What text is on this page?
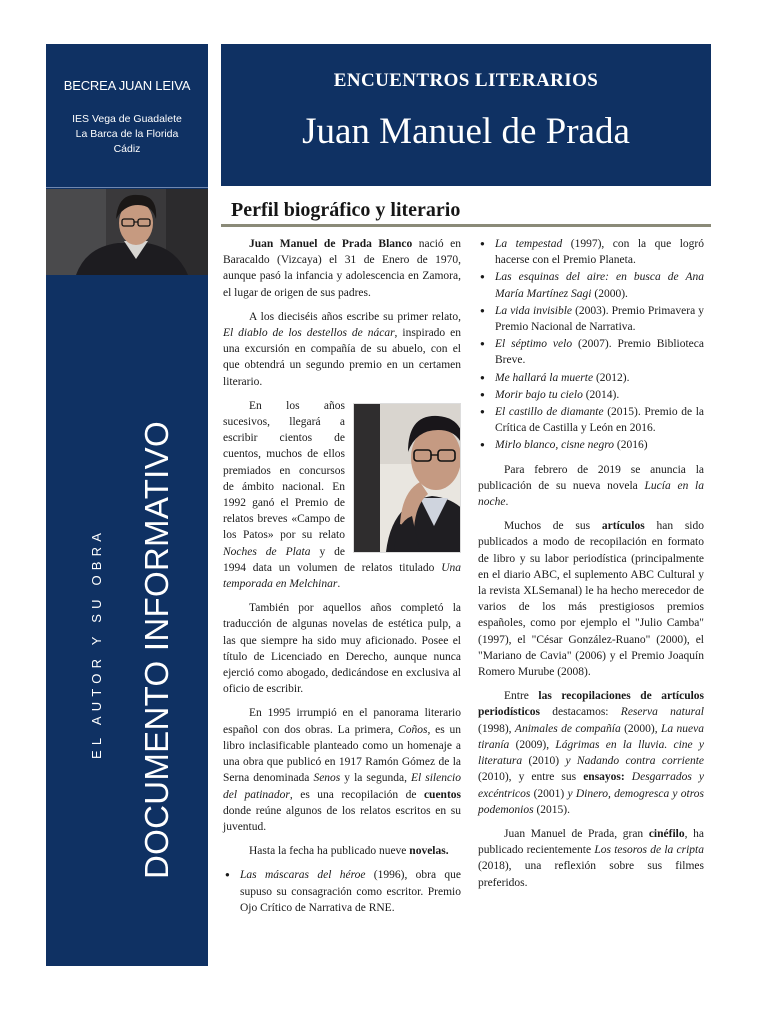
BECREA JUAN LEIVA
IES Vega de Guadalete
La Barca de la Florida
Cádiz
DOCUMENTO INFORMATIVO
EL AUTOR Y SU OBRA
ENCUENTROS LITERARIOS
Juan Manuel de Prada
Perfil biográfico y literario

Juan Manuel de Prada Blanco nació en Baracaldo (Vizcaya) el 31 de Enero de 1970, aunque pasó la infancia y adolescencia en Zamora, el lugar de origen de sus padres.

A los dieciséis años escribe su primer relato, El diablo de los destellos de nácar, inspirado en una excursión en compañía de su abuelo, con el que obtendrá un segundo premio en un certamen literario.

En los años sucesivos, llegará a escribir cientos de cuentos, muchos de ellos premiados en concursos de ámbito nacional. En 1992 ganó el Premio de relatos breves «Campo de los Patos» por su relato Noches de Plata y de 1994 data un volumen de relatos titulado Una temporada en Melchinar.

También por aquellos años completó la traducción de algunas novelas de estética pulp, a las que siempre ha sido muy aficionado. Posee el título de Licenciado en Derecho, aunque nunca ejerció como abogado, dedicándose en exclusiva al oficio de escribir.

En 1995 irrumpió en el panorama literario español con dos obras. La primera, Coños, es un libro inclasificable planteado como un homenaje a una obra que publicó en 1917 Ramón Gómez de la Serna denominada Senos y la segunda, El silencio del patinador, es una recopilación de cuentos donde reúne algunos de los relatos escritos en su juventud.

Hasta la fecha ha publicado nueve novelas.

● Las máscaras del héroe (1996), obra que supuso su consagración como escritor. Premio Ojo Crítico de Narrativa de RNE.
● La tempestad (1997), con la que logró hacerse con el Premio Planeta.
● Las esquinas del aire: en busca de Ana María Martínez Sagi (2000).
● La vida invisible (2003). Premio Primavera y Premio Nacional de Narrativa.
● El séptimo velo (2007). Premio Biblioteca Breve.
● Me hallará la muerte (2012).
● Morir bajo tu cielo (2014).
● El castillo de diamante (2015). Premio de la Crítica de Castilla y León en 2016.
● Mirlo blanco, cisne negro (2016)

Para febrero de 2019 se anuncia la publicación de su nueva novela Lucía en la noche.

Muchos de sus artículos han sido publicados a modo de recopilación en formato de libro y su labor periodística (principalmente en el diario ABC, el suplemento ABC Cultural y la revista XLSemanal) le ha hecho merecedor de varios de los más prestigiosos premios españoles, como por ejemplo el "Julio Camba" (1997), el "César González-Ruano" (2000), el "Mariano de Cavia" (2006) y el Premio Joaquín Romero Murube (2008).

Entre las recopilaciones de artículos periodísticos destacamos: Reserva natural (1998), Animales de compañía (2000), La nueva tiranía (2009), Lágrimas en la lluvia. cine y literatura (2010) y Nadando contra corriente (2010), y entre sus ensayos: Desgarrados y excéntricos (2001) y Dinero, demogresca y otros podemonios (2015).

Juan Manuel de Prada, gran cinéfilo, ha publicado recientemente Los tesoros de la cripta (2018), una reflexión sobre sus filmes preferidos.
